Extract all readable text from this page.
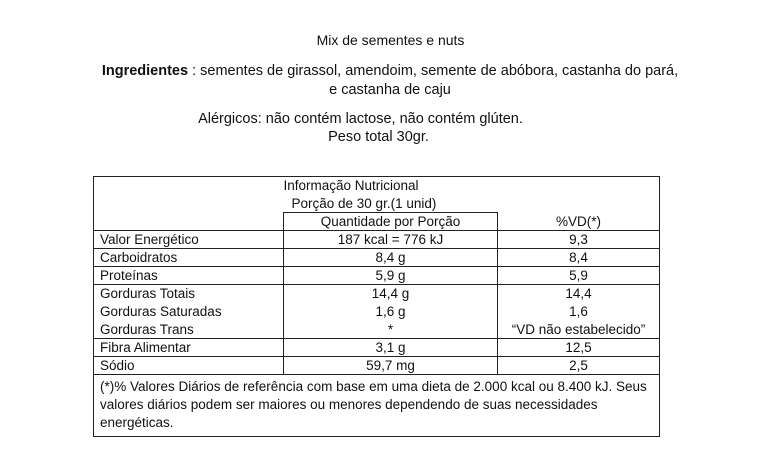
Mix de sementes e nuts
Ingredientes : sementes de girassol, amendoim, semente de abóbora, castanha do pará, e castanha de caju
Alérgicos: não contém lactose, não contém glúten.
Peso total 30gr.
	Informação Nutricional	
	Porção de 30 gr.(1 unid)	
	Quantidade por Porção	%VD(*)
Valor Energético	187 kcal = 776 kJ	9,3
Carboidratos	8,4 g	8,4
Proteínas	5,9 g	5,9
Gorduras Totais	14,4 g	14,4
Gorduras Saturadas	1,6 g	1,6
Gorduras Trans	*	“VD não estabelecido”
Fibra Alimentar	3,1 g	12,5
Sódio	59,7 mg	2,5
(*)% Valores Diários de referência com base em uma dieta de 2.000 kcal ou 8.400 kJ. Seus valores diários podem ser maiores ou menores dependendo de suas necessidades energéticas.		
